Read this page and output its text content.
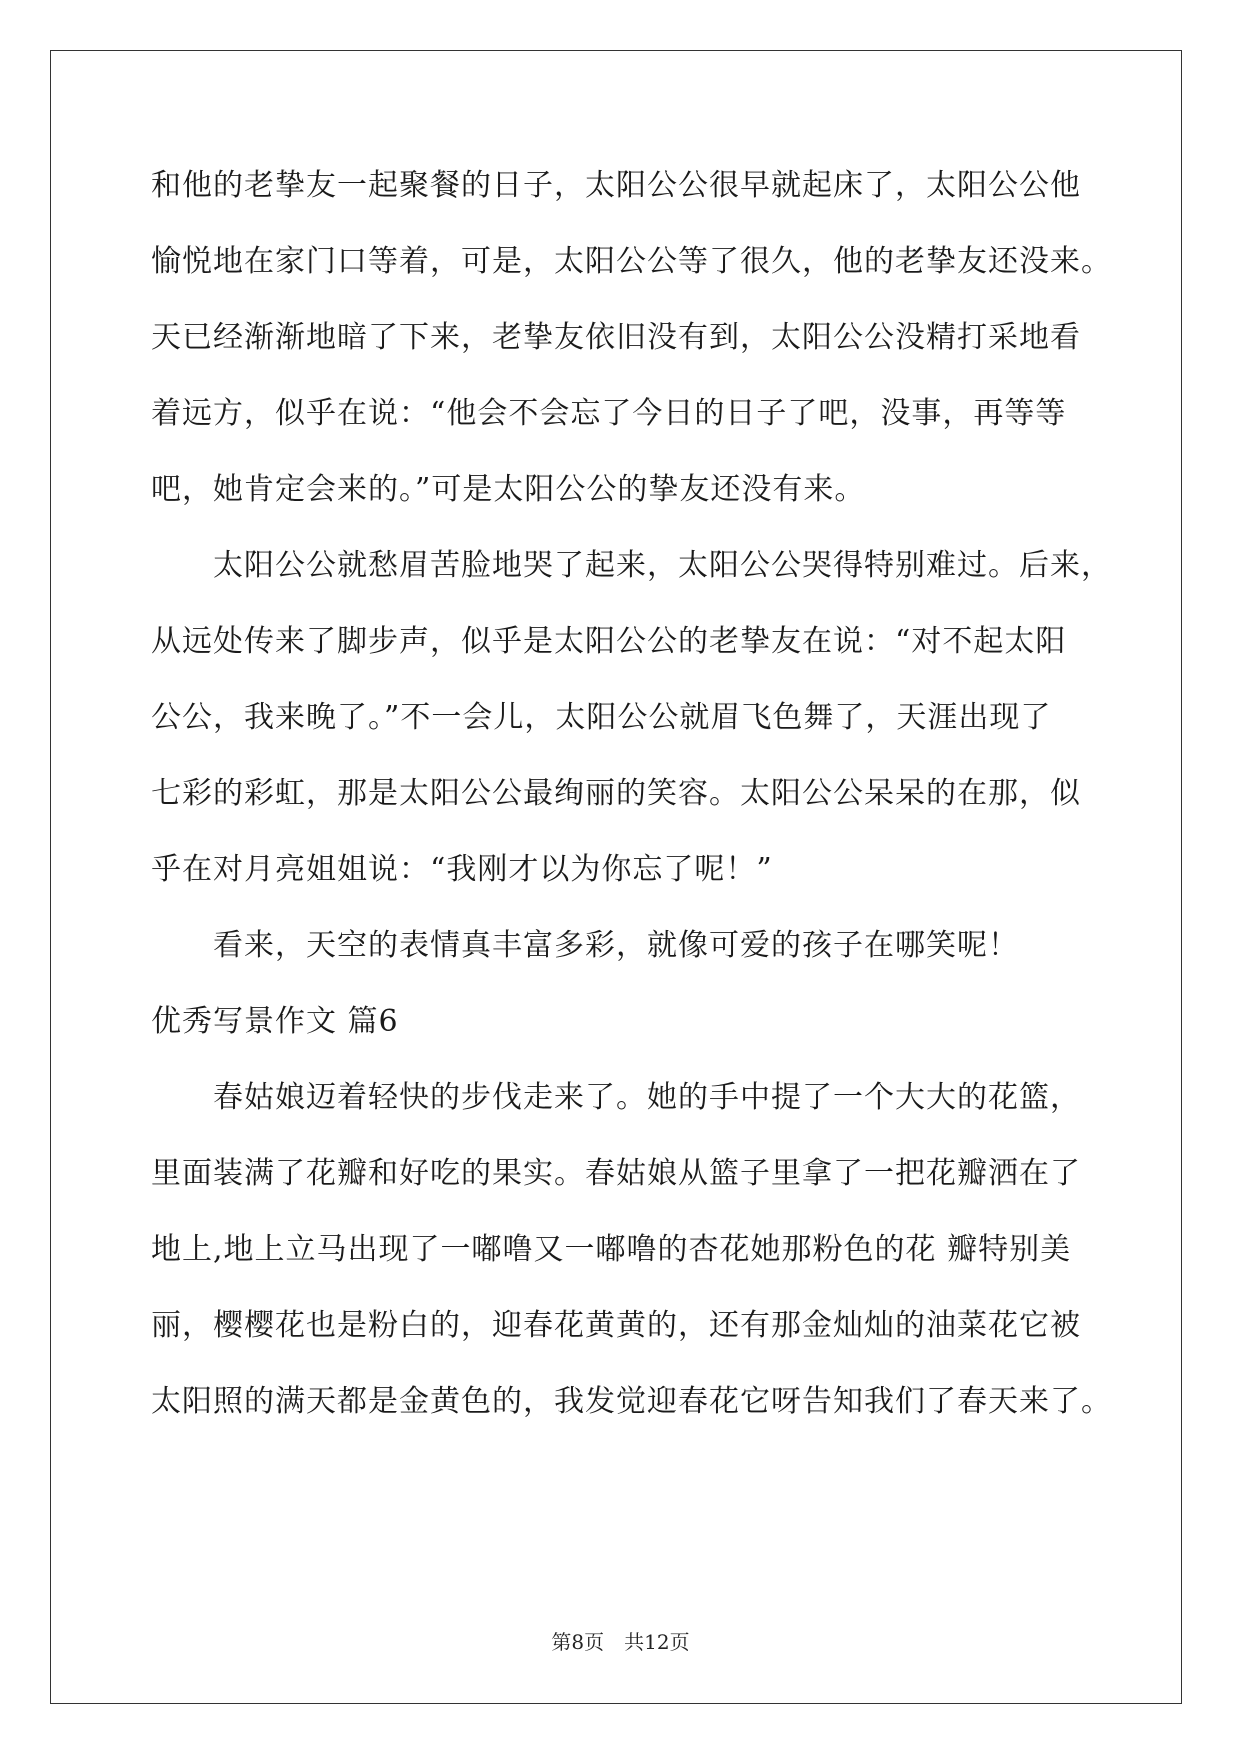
和他的老挚友一起聚餐的日子，太阳公公很早就起床了，太阳公公他
愉悦地在家门口等着，可是，太阳公公等了很久，他的老挚友还没来。
天已经渐渐地暗了下来，老挚友依旧没有到，太阳公公没精打采地看
着远方，似乎在说：“他会不会忘了今日的日子了吧，没事，再等等
吧，她肯定会来的。”可是太阳公公的挚友还没有来。
　　太阳公公就愁眉苦脸地哭了起来，太阳公公哭得特别难过。后来，
从远处传来了脚步声，似乎是太阳公公的老挚友在说：“对不起太阳
公公，我来晚了。”不一会儿，太阳公公就眉飞色舞了，天涯出现了
七彩的彩虹，那是太阳公公最绚丽的笑容。太阳公公呆呆的在那，似
乎在对月亮姐姐说：“我刚才以为你忘了呢！”
　　看来，天空的表情真丰富多彩，就像可爱的孩子在哪笑呢！
优秀写景作文 篇6
　　春姑娘迈着轻快的步伐走来了。她的手中提了一个大大的花篮，
里面装满了花瓣和好吃的果实。春姑娘从篮子里拿了一把花瓣洒在了
地上,地上立马出现了一嘟噜又一嘟噜的杏花她那粉色的花 瓣特别美
丽，樱樱花也是粉白的，迎春花黄黄的，还有那金灿灿的油菜花它被
太阳照的满天都是金黄色的，我发觉迎春花它呀告知我们了春天来了。
第8页　共12页
